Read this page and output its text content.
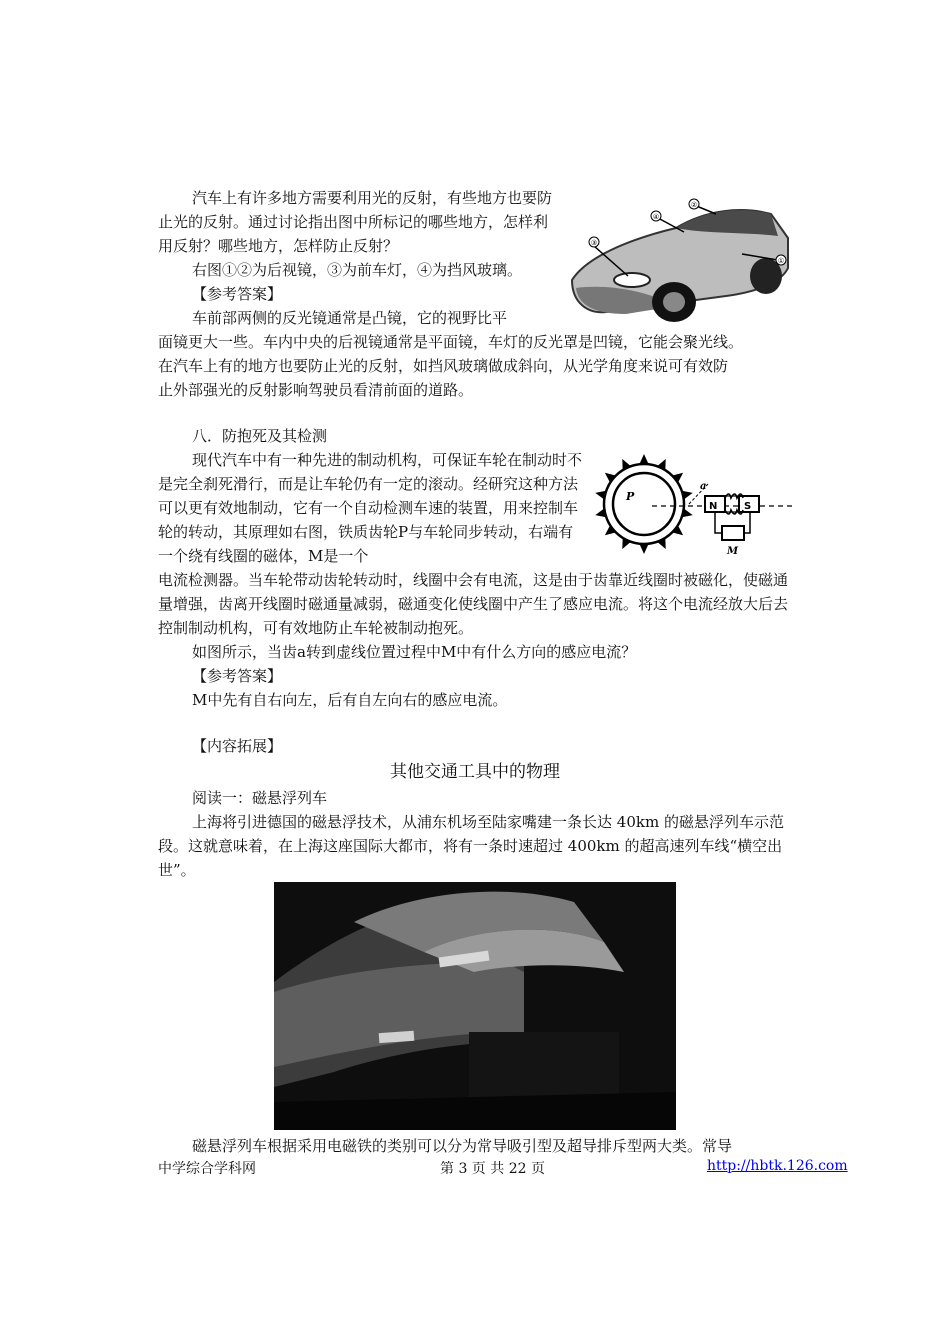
汽车上有许多地方需要利用光的反射，有些地方也要防止光的反射。通过讨论指出图中所标记的哪些地方，怎样利用反射？哪些地方，怎样防止反射？

右图①②为后视镜，③为前车灯，④为挡风玻璃。

【参考答案】

车前部两侧的反光镜通常是凸镜，它的视野比平

面镜更大一些。车内中央的后视镜通常是平面镜，车灯的反光罩是凹镜，它能会聚光线。

在汽车上有的地方也要防止光的反射，如挡风玻璃做成斜向，从光学角度来说可有效防

止外部强光的反射影响驾驶员看清前面的道路。

①
②
③
④

八．防抱死及其检测

现代汽车中有一种先进的制动机构，可保证车轮在制动时不是完全刹死滑行，而是让车轮仍有一定的滚动。经研究这种方法可以更有效地制动，它有一个自动检测车速的装置，用来控制车轮的转动，其原理如右图，铁质齿轮P与车轮同步转动，右端有一个绕有线圈的磁体，M是一个

电流检测器。当车轮带动齿轮转动时，线圈中会有电流，这是由于齿靠近线圈时被磁化，使磁通量增强，齿离开线圈时磁通量减弱，磁通变化使线圈中产生了感应电流。将这个电流经放大后去控制制动机构，可有效地防止车轮被制动抱死。

如图所示，当齿a转到虚线位置过程中M中有什么方向的感应电流？

【参考答案】

M中先有自右向左，后有自左向右的感应电流。

P
a
N	S
M

【内容拓展】

其他交通工具中的物理

阅读一：磁悬浮列车

上海将引进德国的磁悬浮技术，从浦东机场至陆家嘴建一条长达 40km 的磁悬浮列车示范段。这就意味着，在上海这座国际大都市，将有一条时速超过 400km 的超高速列车线“横空出世”。

磁悬浮列车根据采用电磁铁的类别可以分为常导吸引型及超导排斥型两大类。常导

中学综合学科网	第 3 页 共 22 页	http://hbtk.126.com
